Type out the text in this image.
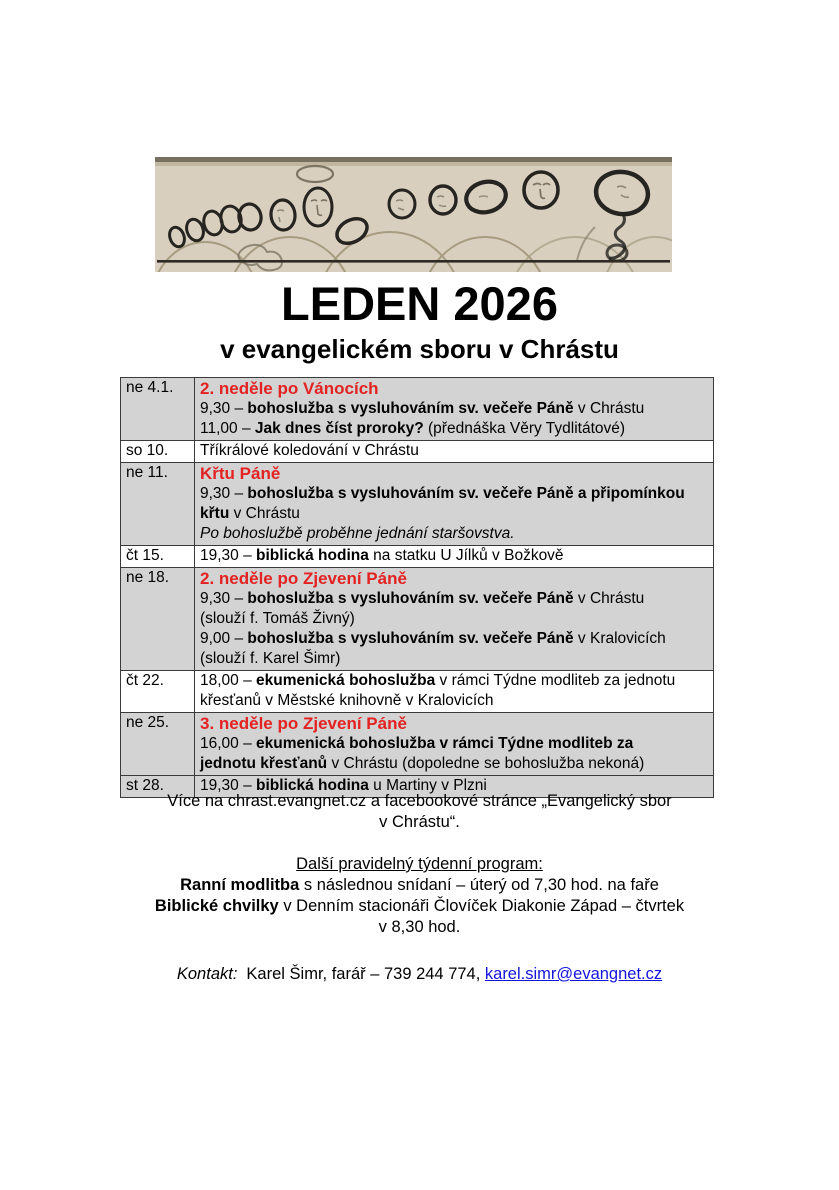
LEDEN 2026
v evangelickém sboru v Chrástu
ne 4.1.	2. neděle po Vánocích
9,30 – bohoslužba s vysluhováním sv. večeře Páně v Chrástu
11,00 – Jak dnes číst proroky? (přednáška Věry Tydlitátové)

so 10.	Tříkrálové koledování v Chrástu

ne 11.	Křtu Páně
9,30 – bohoslužba s vysluhováním sv. večeře Páně a připomínkou
křtu v Chrástu
Po bohoslužbě proběhne jednání staršovstva.

čt 15.	19,30 – biblická hodina na statku U Jílků v Božkově

ne 18.	2. neděle po Zjevení Páně
9,30 – bohoslužba s vysluhováním sv. večeře Páně v Chrástu
(slouží f. Tomáš Živný)
9,00 – bohoslužba s vysluhováním sv. večeře Páně v Kralovicích
(slouží f. Karel Šimr)

čt 22.	18,00 – ekumenická bohoslužba v rámci Týdne modliteb za jednotu
křesťanů v Městské knihovně v Kralovicích

ne 25.	3. neděle po Zjevení Páně
16,00 – ekumenická bohoslužba v rámci Týdne modliteb za
jednotu křesťanů v Chrástu (dopoledne se bohoslužba nekoná)

st 28.	19,30 – biblická hodina u Martiny v Plzni

Více na chrast.evangnet.cz a facebookové stránce „Evangelický sbor
v Chrástu“.

Další pravidelný týdenní program:

Ranní modlitba s následnou snídaní – úterý od 7,30 hod. na faře
Biblické chvilky v Denním stacionáři Človíček Diakonie Západ – čtvrtek
v 8,30 hod.

Kontakt: Karel Šimr, farář – 739 244 774, karel.simr@evangnet.cz
